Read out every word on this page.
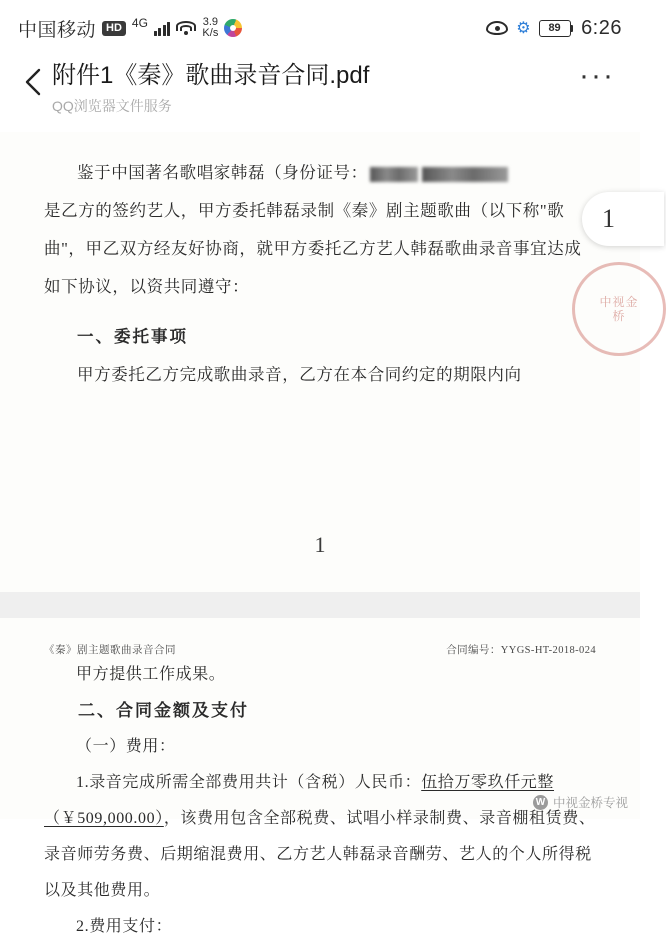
中国移动 HD 4G	3.9
K/s	⚙	89	6:26
附件1《秦》歌曲录音合同.pdf
QQ浏览器文件服务
···

鉴于中国著名歌唱家韩磊（身份证号：

是乙方的签约艺人，甲方委托韩磊录制《秦》剧主题歌曲（以下称"歌曲"，甲乙双方经友好协商，就甲方委托乙方艺人韩磊歌曲录音事宜达成如下协议，以资共同遵守：

一、委托事项

甲方委托乙方完成歌曲录音，乙方在本合同约定的期限内向

1
1
中视金桥
《秦》剧主题歌曲录音合同	合同编号：YYGS-HT-2018-024

甲方提供工作成果。

二、合同金额及支付

（一）费用：

1.录音完成所需全部费用共计（含税）人民币：伍拾万零玖仟元整（￥509,000.00），该费用包含全部税费、试唱小样录制费、录音棚租赁费、录音师劳务费、后期缩混费用、乙方艺人韩磊录音酬劳、艺人的个人所得税以及其他费用。

2.费用支付：

W 中视金桥专视
